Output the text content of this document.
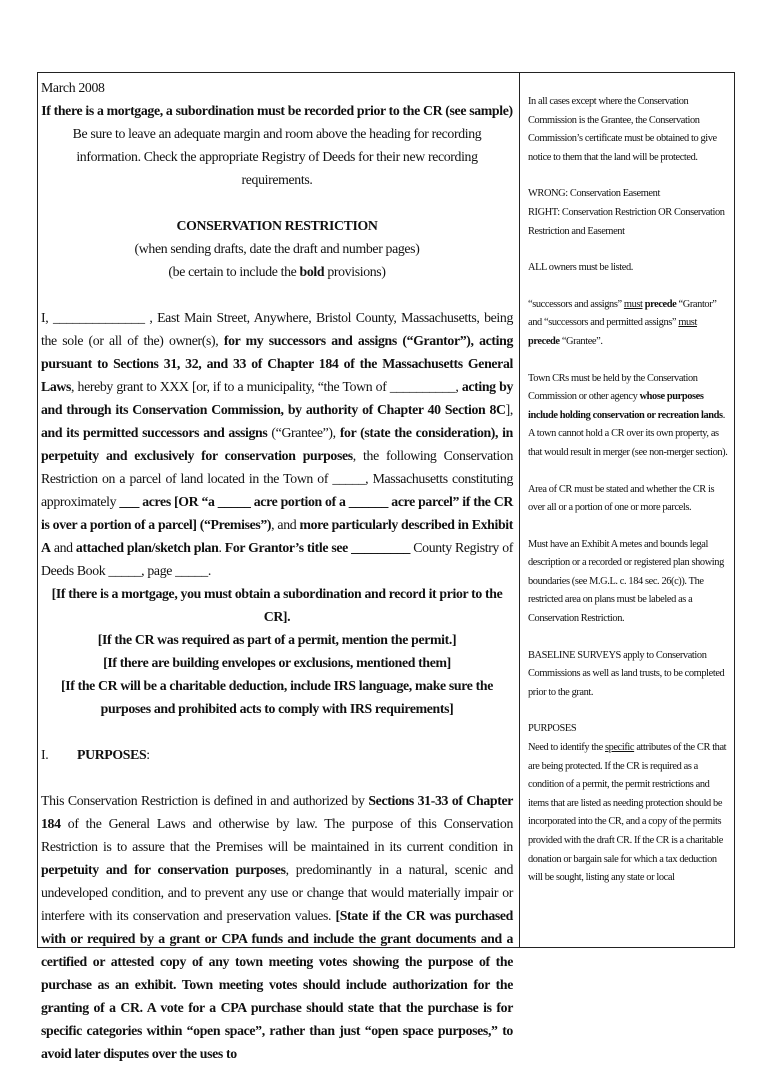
March 2008

If there is a mortgage, a subordination must be recorded prior to the CR (see sample)

Be sure to leave an adequate margin and room above the heading for recording information. Check the appropriate Registry of Deeds for their new recording requirements.

CONSERVATION RESTRICTION

(when sending drafts, date the draft and number pages)

(be certain to include the bold provisions)

I, ______________ , East Main Street, Anywhere, Bristol County, Massachusetts, being the sole (or all of the) owner(s), for my successors and assigns (“Grantor”), acting pursuant to Sections 31, 32, and 33 of Chapter 184 of the Massachusetts General Laws, hereby grant to XXX [or, if to a municipality, “the Town of __________, acting by and through its Conservation Commission, by authority of Chapter 40 Section 8C], and its permitted successors and assigns (“Grantee”), for (state the consideration), in perpetuity and exclusively for conservation purposes, the following Conservation Restriction on a parcel of land located in the Town of _____, Massachusetts constituting approximately ___ acres [OR “a _____ acre portion of a ______ acre parcel” if the CR is over a portion of a parcel] (“Premises”), and more particularly described in Exhibit A and attached plan/sketch plan. For Grantor’s title see _________ County Registry of Deeds Book _____, page _____.

[If there is a mortgage, you must obtain a subordination and record it prior to the CR].

[If the CR was required as part of a permit, mention the permit.]

[If there are building envelopes or exclusions, mentioned them]

[If the CR will be a charitable deduction, include IRS language, make sure the purposes and prohibited acts to comply with IRS requirements]

I.	PURPOSES:

This Conservation Restriction is defined in and authorized by Sections 31-33 of Chapter 184 of the General Laws and otherwise by law. The purpose of this Conservation Restriction is to assure that the Premises will be maintained in its current condition in perpetuity and for conservation purposes, predominantly in a natural, scenic and undeveloped condition, and to prevent any use or change that would materially impair or interfere with its conservation and preservation values. [State if the CR was purchased with or required by a grant or CPA funds and include the grant documents and a certified or attested copy of any town meeting votes showing the purpose of the purchase as an exhibit. Town meeting votes should include authorization for the granting of a CR. A vote for a CPA purchase should state that the purchase is for specific categories within “open space”, rather than just “open space purposes,” to avoid later disputes over the uses to

In all cases except where the Conservation Commission is the Grantee, the Conservation Commission’s certificate must be obtained to give notice to them that the land will be protected.

WRONG: Conservation Easement

RIGHT: Conservation Restriction OR Conservation Restriction and Easement

ALL owners must be listed.

“successors and assigns” must precede “Grantor” and “successors and permitted assigns” must precede “Grantee”.

Town CRs must be held by the Conservation Commission or other agency whose purposes include holding conservation or recreation lands. A town cannot hold a CR over its own property, as that would result in merger (see non-merger section).

Area of CR must be stated and whether the CR is over all or a portion of one or more parcels.

Must have an Exhibit A metes and bounds legal description or a recorded or registered plan showing boundaries (see M.G.L. c. 184 sec. 26(c)). The restricted area on plans must be labeled as a Conservation Restriction.

BASELINE SURVEYS apply to Conservation Commissions as well as land trusts, to be completed prior to the grant.

PURPOSES

Need to identify the specific attributes of the CR that are being protected. If the CR is required as a condition of a permit, the permit restrictions and items that are listed as needing protection should be incorporated into the CR, and a copy of the permits provided with the draft CR. If the CR is a charitable donation or bargain sale for which a tax deduction will be sought, listing any state or local
